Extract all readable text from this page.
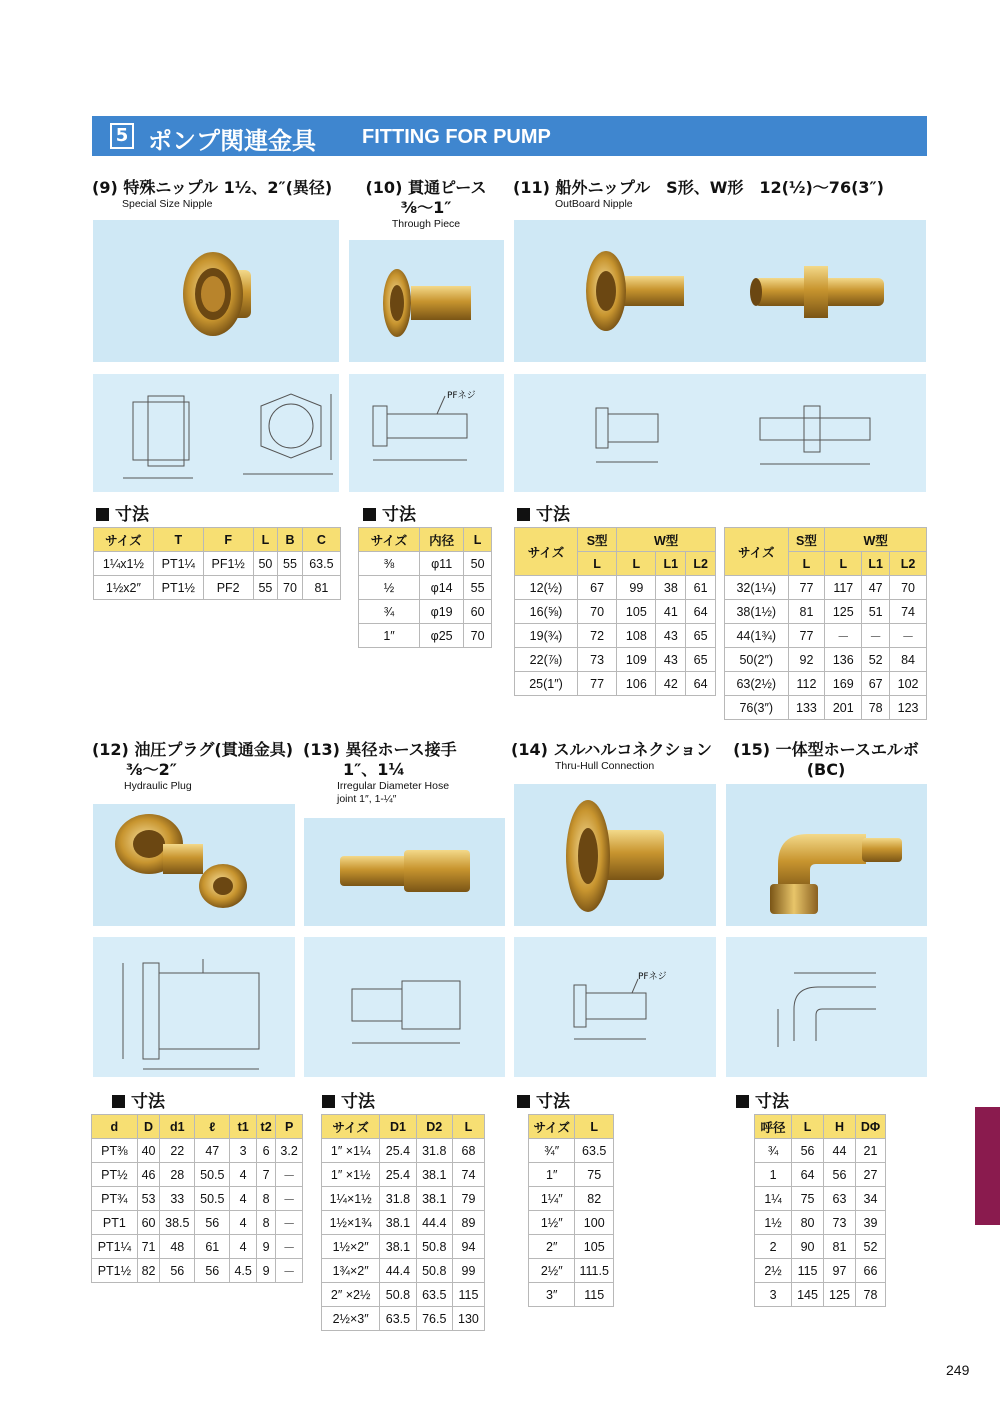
5 ポンプ関連金具 FITTING FOR PUMP
(9) 特殊ニップル 1½、2″(異径)
Special Size Nipple
寸法
サイズ	T	F	L	B	C
1¼x1½	PT1¼	PF1½	50	55	63.5
1½x2″	PT1½	PF2	55	70	81
(10) 貫通ピース
⅜～1″
Through Piece
PFネジ
寸法
サイズ	内径	L
⅜	φ11	50
½	φ14	55
¾	φ19	60
1″	φ25	70
(11) 船外ニップル　S形、W形　12(½)～76(3″)
OutBoard Nipple
寸法
サイズ	S型	W型		
	L	L	L1	L2
12(½)	67	99	38	61
16(⅝)	70	105	41	64
19(¾)	72	108	43	65
22(⅞)	73	109	43	65
25(1″)	77	106	42	64
サイズ	S型	W型		
	L	L	L1	L2
32(1¼)	77	117	47	70
38(1½)	81	125	51	74
44(1¾)	77	－	－	－
50(2″)	92	136	52	84
63(2½)	112	169	67	102
76(3″)	133	201	78	123
(12) 油圧プラグ(貫通金具)
⅜～2″
Hydraulic Plug
寸法
d	D	d1	ℓ	t1	t2	P
PT⅜	40	22	47	3	6	3.2
PT½	46	28	50.5	4	7	－
PT¾	53	33	50.5	4	8	－
PT1	60	38.5	56	4	8	－
PT1¼	71	48	61	4	9	－
PT1½	82	56	56	4.5	9	－
(13) 異径ホース接手
1″、1¼
Irregular Diameter Hose
joint 1″, 1-¼″
寸法
サイズ	D1	D2	L
1″ ×1¼	25.4	31.8	68
1″ ×1½	25.4	38.1	74
1¼×1½	31.8	38.1	79
1½×1¾	38.1	44.4	89
1½×2″	38.1	50.8	94
1¾×2″	44.4	50.8	99
2″ ×2½	50.8	63.5	115
2½×3″	63.5	76.5	130
(14) スルハルコネクション
Thru-Hull Connection
PFネジ
寸法
サイズ	L
¾″	63.5
1″	75
1¼″	82
1½″	100
2″	105
2½″	111.5
3″	115
(15) 一体型ホースエルボ
(BC)
寸法
呼径	L	H	DΦ
¾	56	44	21
1	64	56	27
1¼	75	63	34
1½	80	73	39
2	90	81	52
2½	115	97	66
3	145	125	78
249
